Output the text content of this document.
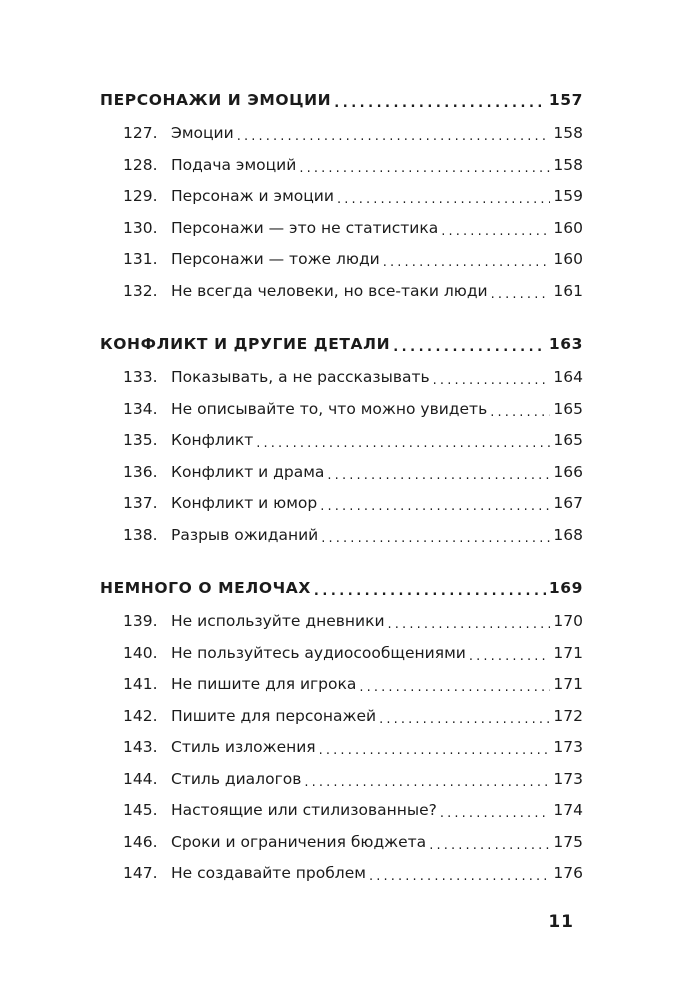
ПЕРСОНАЖИ И ЭМОЦИИ . . .	157
127. Эмоции . . .	158
128. Подача эмоций . . .	158
129. Персонаж и эмоции . . .	159
130. Персонажи — это не статистика . . .	160
131. Персонажи — тоже люди . . .	160
132. Не всегда человеки, но все-таки люди . . .	161
КОНФЛИКТ И ДРУГИЕ ДЕТАЛИ . . .	163
133. Показывать, а не рассказывать . . .	164
134. Не описывайте то, что можно увидеть . . .	165
135. Конфликт . . .	165
136. Конфликт и драма . . .	166
137. Конфликт и юмор . . .	167
138. Разрыв ожиданий . . .	168
НЕМНОГО О МЕЛОЧАХ . . .	169
139. Не используйте дневники . . .	170
140. Не пользуйтесь аудиосообщениями . . .	171
141. Не пишите для игрока . . .	171
142. Пишите для персонажей . . .	172
143. Стиль изложения . . .	173
144. Стиль диалогов . . .	173
145. Настоящие или стилизованные? . . .	174
146. Сроки и ограничения бюджета . . .	175
147. Не создавайте проблем . . .	176
11
